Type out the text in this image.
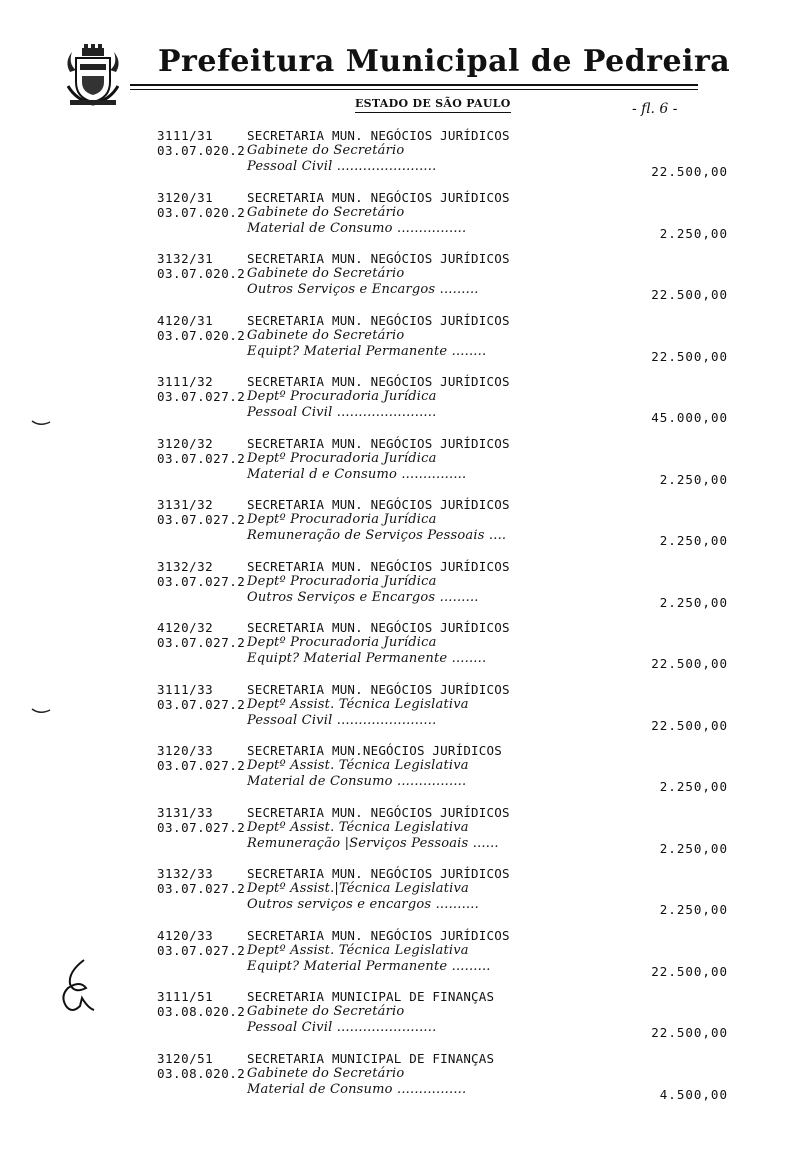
Prefeitura Municipal de Pedreira
ESTADO DE SÃO PAULO	- fl. 6 -
3111/31
03.07.020.2
SECRETARIA MUN. NEGÓCIOS JURÍDICOS
Gabinete do Secretário
Pessoal Civil .......................	22.500,00
3120/31
03.07.020.2
SECRETARIA MUN. NEGÓCIOS JURÍDICOS
Gabinete do Secretário
Material de Consumo ................	2.250,00
3132/31
03.07.020.2
SECRETARIA MUN. NEGÓCIOS JURÍDICOS
Gabinete do Secretário
Outros Serviços e Encargos .........	22.500,00
4120/31
03.07.020.2
SECRETARIA MUN. NEGÓCIOS JURÍDICOS
Gabinete do Secretário
Equipt? Material Permanente ........	22.500,00
3111/32
03.07.027.2
SECRETARIA MUN. NEGÓCIOS JURÍDICOS
Deptº Procuradoria Jurídica
Pessoal Civil .......................	45.000,00
3120/32
03.07.027.2
SECRETARIA MUN. NEGÓCIOS JURÍDICOS
Deptº Procuradoria Jurídica
Material d e Consumo ...............	2.250,00
3131/32
03.07.027.2
SECRETARIA MUN. NEGÓCIOS JURÍDICOS
Deptº Procuradoria Jurídica
Remuneração de Serviços Pessoais ....	2.250,00
3132/32
03.07.027.2
SECRETARIA MUN. NEGÓCIOS JURÍDICOS
Deptº Procuradoria Jurídica
Outros Serviços e Encargos .........	2.250,00
4120/32
03.07.027.2
SECRETARIA MUN. NEGÓCIOS JURÍDICOS
Deptº Procuradoria Jurídica
Equipt? Material Permanente ........	22.500,00
3111/33
03.07.027.2
SECRETARIA MUN. NEGÓCIOS JURÍDICOS
Deptº Assist. Técnica Legislativa
Pessoal Civil .......................	22.500,00
3120/33
03.07.027.2
SECRETARIA MUN.NEGÓCIOS JURÍDICOS
Deptº Assist. Técnica Legislativa
Material de Consumo ................	2.250,00
3131/33
03.07.027.2
SECRETARIA MUN. NEGÓCIOS JURÍDICOS
Deptº Assist. Técnica Legislativa
Remuneração |Serviços Pessoais ......	2.250,00
3132/33
03.07.027.2
SECRETARIA MUN. NEGÓCIOS JURÍDICOS
Deptº Assist.|Técnica Legislativa
Outros serviços e encargos ..........	2.250,00
4120/33
03.07.027.2
SECRETARIA MUN. NEGÓCIOS JURÍDICOS
Deptº Assist. Técnica Legislativa
Equipt? Material Permanente .........	22.500,00
3111/51
03.08.020.2
SECRETARIA MUNICIPAL DE FINANÇAS
Gabinete do Secretário
Pessoal Civil .......................	22.500,00
3120/51
03.08.020.2
SECRETARIA MUNICIPAL DE FINANÇAS
Gabinete do Secretário
Material de Consumo ................	4.500,00
